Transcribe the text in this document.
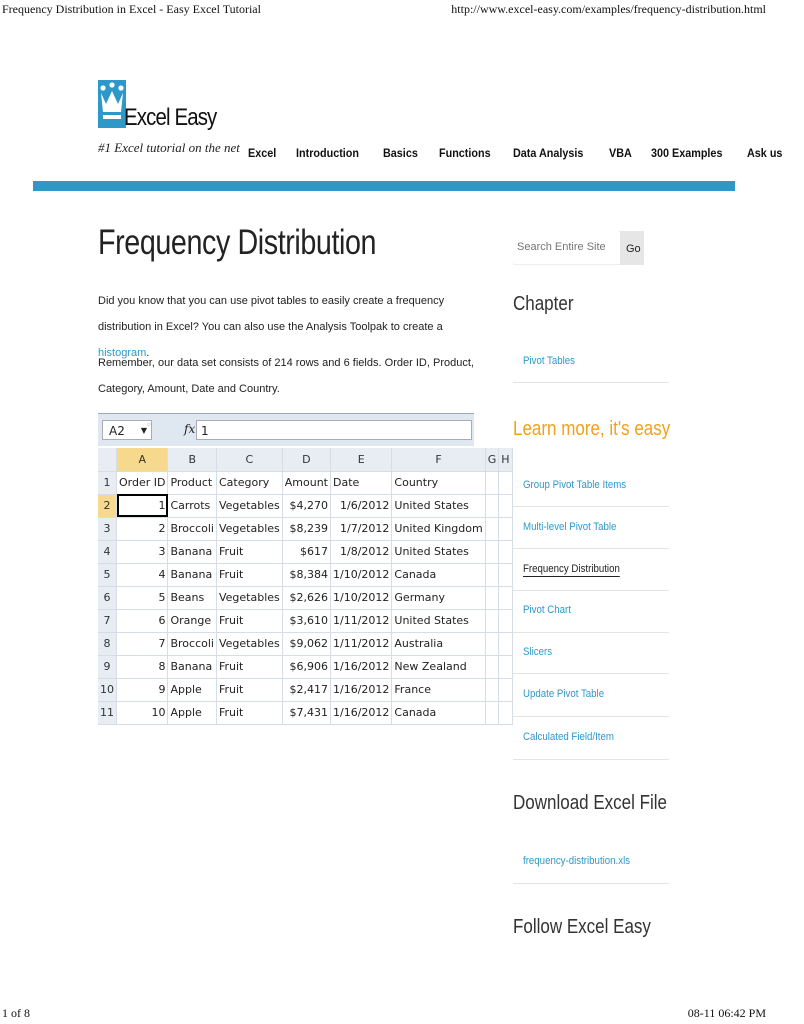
Frequency Distribution in Excel - Easy Excel Tutorial	http://www.excel-easy.com/examples/frequency-distribution.html
Excel Easy
#1 Excel tutorial on the net Excel Introduction Basics Functions Data Analysis VBA 300 Examples Ask us
Frequency Distribution
Did you know that you can use pivot tables to easily create a frequency distribution in Excel? You can also use the Analysis Toolpak to create a histogram.
Remember, our data set consists of 214 rows and 6 fields. Order ID, Product, Category, Amount, Date and Country.
A2 ▼ ◦	fx 1
	A	B	C	D	E	F	G	H
1	Order ID	Product	Category	Amount	Date	Country		
2	1	Carrots	Vegetables	$4,270	1/6/2012	United States		
3	2	Broccoli	Vegetables	$8,239	1/7/2012	United Kingdom		
4	3	Banana	Fruit	$617	1/8/2012	United States		
5	4	Banana	Fruit	$8,384	1/10/2012	Canada		
6	5	Beans	Vegetables	$2,626	1/10/2012	Germany		
7	6	Orange	Fruit	$3,610	1/11/2012	United States		
8	7	Broccoli	Vegetables	$9,062	1/11/2012	Australia		
9	8	Banana	Fruit	$6,906	1/16/2012	New Zealand		
10	9	Apple	Fruit	$2,417	1/16/2012	France		
11	10	Apple	Fruit	$7,431	1/16/2012	Canada		
Search Entire Site
Go
Chapter
Pivot Tables
Learn more, it's easy
Group Pivot Table Items
Multi-level Pivot Table
Frequency Distribution
Pivot Chart
Slicers
Update Pivot Table
Calculated Field/Item
Download Excel File
frequency-distribution.xls
Follow Excel Easy
1 of 8	08-11 06:42 PM
